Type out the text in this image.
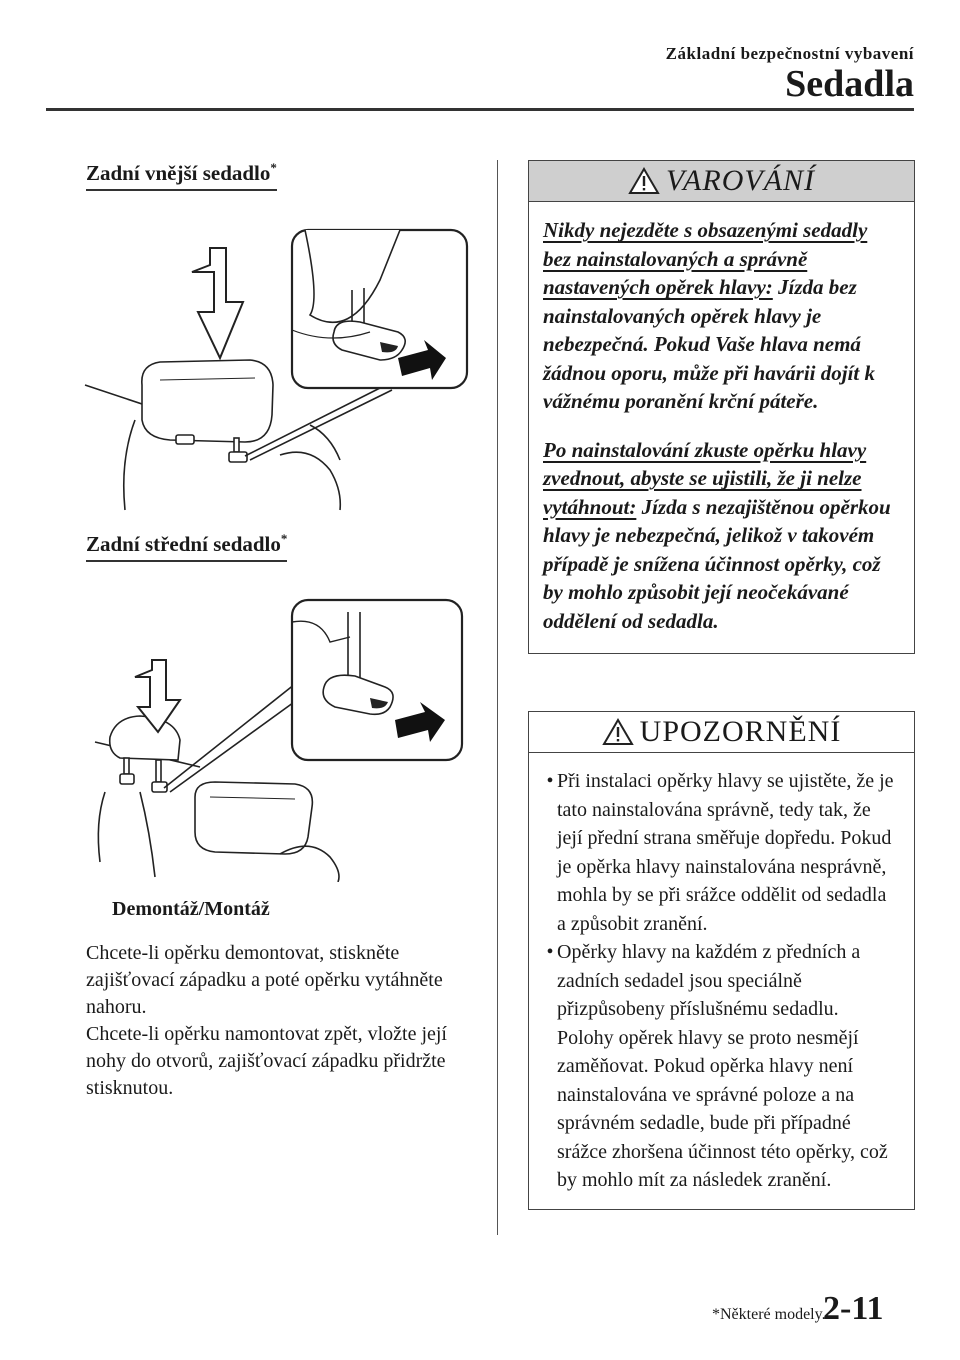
Základní bezpečnostní vybavení
Sedadla
Zadní vnější sedadlo*
Zadní střední sedadlo*
Demontáž/Montáž

Chcete-li opěrku demontovat, stiskněte zajišťovací západku a poté opěrku vytáhněte nahoru.

Chcete-li opěrku namontovat zpět, vložte její nohy do otvorů, zajišťovací západku přidržte stisknutou.

VAROVÁNÍ

Nikdy nejezděte s obsazenými sedadly bez nainstalovaných a správně nastavených opěrek hlavy: Jízda bez nainstalovaných opěrek hlavy je nebezpečná. Pokud Vaše hlava nemá žádnou oporu, může při havárii dojít k vážnému poranění krční páteře.

Po nainstalování zkuste opěrku hlavy zvednout, abyste se ujistili, že ji nelze vytáhnout: Jízda s nezajištěnou opěrkou hlavy je nebezpečná, jelikož v takovém případě je snížena účinnost opěrky, což by mohlo způsobit její neočekávané oddělení od sedadla.

UPOZORNĚNÍ
• Při instalaci opěrky hlavy se ujistěte, že je tato nainstalována správně, tedy tak, že její přední strana směřuje dopředu. Pokud je opěrka hlavy nainstalována nesprávně, mohla by se při srážce oddělit od sedadla a způsobit zranění.
• Opěrky hlavy na každém z předních a zadních sedadel jsou speciálně přizpůsobeny příslušnému sedadlu. Polohy opěrek hlavy se proto nesmějí zaměňovat. Pokud opěrka hlavy není nainstalována ve správné poloze a na správném sedadle, bude při případné srážce zhoršena účinnost této opěrky, což by mohlo mít za následek zranění.
*Některé modely.
2-11
